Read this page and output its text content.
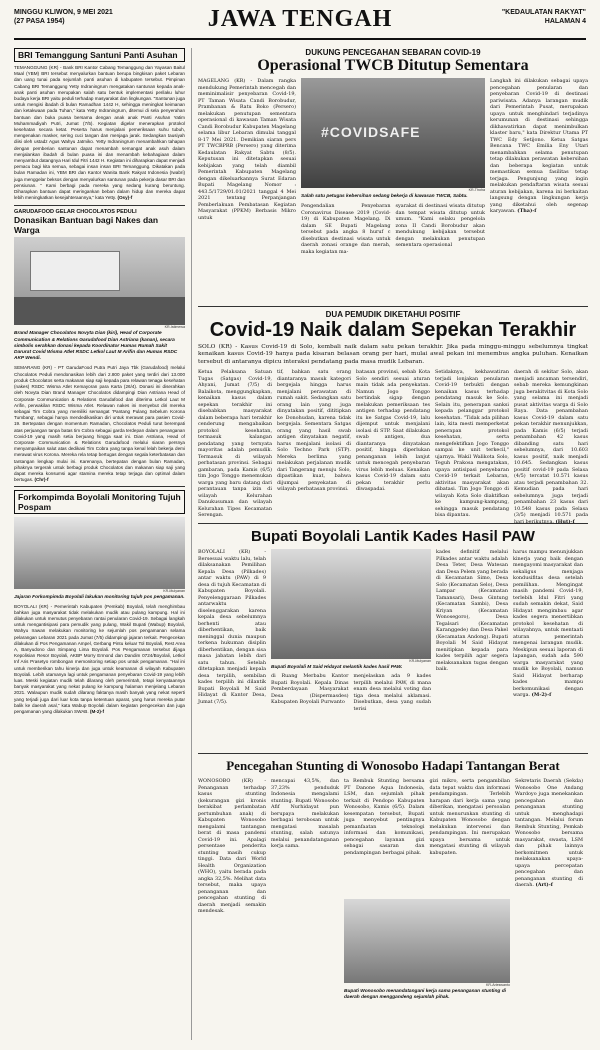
MINGGU KLIWON, 9 MEI 2021
(27 PASA 1954)	JAWA TENGAH	"KEDAULATAN RAKYAT"
HALAMAN 4
BRI Temanggung Santuni Panti Asuhan
TEMANGGUNG (KR) - Bank BRI Kantor Cabang Temanggung dan Yayasan Baitul Maal (YBM) BRI tersebut menyalurkan bantuan berupa bingkisan paket Lebaran dan uang tunai pada sejumlah panti asuhan di kabupaten tersebut. Pimpinan Cabang BRI Temanggung Yetty Indraningrum mengatakan santunan kepada anak-anak panti asuhan merupakan salah satu bentuk implementasi perilaku luhur budaya kerja BRI yaitu peduli terhadap masyarakat dan lingkungan. "Santunan juga untuk mengisi ibadah di bulan Ramadhan 1442 H, sehingga meningkat keimanan dan ketakwaan pada Tuhan," kata Yetty Indraningrum, ditemui di sela penyerahan bantuan dan buka puasa bersama dengan anak anak Panti Asuhan Yatim Muhammadiyah Putri, Jumat (7/5). Kegiatan digelar menerapkan protokol kesehatan secara ketat. Peserta harus menjalani pemeriksaan suhu tubuh, mengenakan masker, sering cuci tangan dan menjaga jarak. Sedangkan tausiyah diisi oleh ustadz Agus Wahyu Jatmiko. Yetty Indraningrum menambahkan tahapan dengan pemberian santunan dapat menambah semangat anak asuh dalam menjalankan ibadah di bulan puasa ini dan menambah kebahagiaan dalam menyambut datangnya Hari Idul Fitri 1442 H. Kegiatan ini diharapkan dapat menjadi pemacu bagi kita semua, sebagai insan insan BRI Temanggung. Dikatakan pada bulan Ramadan ini, YBM BRI dan Kantor Wanita Bank Rakyat Indonesia (Iwabri) juga menggelar beksos dengan menyalurkan santunan pada pekerja dasar BRI dan pensiunan. " Kami berbagi pada mereka yang sedang kurang beruntung. Diharapkan bantuan dapat meringankan beban dalam hidup dan mereka dapat lebih meningkatkan kesejahteraannya," kata Yetty. (Osy)-f
GARUDAFOOD GELAR CHOCOLATOS PEDULI
Donasikan Bantuan bagi Nakes dan Warga
KR-Istimewa
Brand Manager Chocolatos Novyta Dian (kiri), Head of Corporate Communication & Relations Garudafood Dian Astriana (kanan), secara simbolis serahkan donasi kepada Koordinator Humas Rumah Sakit Darurat Covid Wisma Atlet RSDC Letkol Laut M Arifin dan Humas RSDC AKP Wendi.
SEMARANG (KR) - PT GarudaFood Putra Putri Jaya Tbk (Garudafood) melalui Chocolatos Peduli mendonasikan lebih dari 2.800 paket yang terdiri dari 13.000 produk Chocolatos serta makanan siap saji kepada para relawan tenaga kesehatan (nakes) RSDC Wisma Atlet Kemayoran para Karta (26/4). Donasi ini diserahkan oleh Novyta Dian Brand Manager Chocolatos didampingi Dian Astriana Head of Corporate Communication & Relations Garudafood dan diterima Letkol Laut M Arifin, perwakilan RSDC Wisma Atlet. Relawan nakes ini menyebut diri mereka sebagai Tim Cobra yang memiliki semangat 'Pantang Pulang Sebelum Korona Tumbang', sebagai hanya mendedikasikan diri untuk merawat para pasien Covid-19. Bertepatan dengan momentum Ramadan, Chocolatos Peduli turut berempati atas perjuangan tanpa batas tim Cobra sebagai garda terdepan dalam penanganan Covid-19 yang masih setia berjuang hingga saat ini. Dian Astriana, Head of Corporate Communication & Relations Garudafood melalui siaran persnya menyampaikan salut atas dedikasi Tim Cobra yang tanpa kenal lelah bekerja demi merawat virus Korona. Mereka rela tetap bertugas dengan segala keterbatasan dan tantangan lengkap mulai ini. Karenanya, bertepatan dengan bulan Ramadan, pihaknya tergerak untuk berbagi produk Chocolatos dan makanan siap saji yang dapat mereka konsumsi agar stamina mereka tetap terjaga dan optimal dalam bertugas. (Chr)-f
Forkompimda Boyolali Monitoring Tujuh Pospam
KR-Mulyanan
Jajaran Forkompimda Boyolali lakukan monitoring tujuh pos pengamanan.
BOYOLALI (KR) - Pemerintah Kabupaten (Pemkab) Boyolali, telah menghimbau bahkan juga masyarakat tidak melakukan mudik atau pulang kampung. Hal ini dilakukan untuk memutus penyebaran rantai penularan Covid-19. Sebagai langkah untuk mengantisipasi para pemudik yang pulang, Wakil Bupati (Wabup) Boyolali, Wahyu Irawan melakukan monitoring ke sejumlah pos pengamanan selama pelarangan Lebaran 2021 pada Jumat (7/5) didampingi jajaran terkait. Pengecekan dilakukan di Pos Pengamanan Ampel, Gerbang Pintu keluar Tol Boyolali, Rest Area A, Banyudono dan Simpang Lima Boyolali. Pos Pengamanan tersebut dijaga Kepolisian Resor Boyolali, AKBP Morry Ermond dan Dandim 0724/Boyolali, Letkol Inf Aris Prasetyo rombongan memonitoring setiap pos untuk pengamanan. "Hal ini untuk memberikan tahu kinerja dan juga untuk keamanan di wilayah Kabupaten Boyolali. Lebih utamanya lagi untuk pengamanan penyebaran Covid-19 yang lebih luas. Meski kegiatan mudik telah dilarang oleh pemerintah, tetapi kenyataannya banyak masyarakat yang nekat pulang ke kampung halaman menjelang Lebaran 2021. Walaupun mudik sudah dilarang faktanya masih banyak yang nekat seperti yang terjadi juga dari luar kota tanpa ketentuan aparat, yang harus mereka putar balik ke daerah asal," kata Wabup Boyolali dalam kegiatan pengecekan dan juga pengamanan yang dilakukan SWAB. (M-2)-f
DUKUNG PENCEGAHAN SEBARAN COVID-19
Operasional TWCB Ditutup Sementara
MAGELANG (KR) - Dalam rangka mendukung Pemerintah mencegah dan meminimalisir penyebaran Covid-19, PT Taman Wisata Candi Borobudur, Prambanan & Ratu Boko (Persero) melakukan penutupan sementara operasional di kawasan Taman Wisata Candi Borobudur Kabupaten Magelang selama libur Lebaran dimulai tanggal 8-17 Mei 2021. Demikian siaran pers PT TWCBPRB (Persero) yang diterima Kedaulatan Rakyat Sabtu (8/5). Keputusan ini ditetapkan sesuai kebijakan yang telah diambil Pemerintah Kabupaten Magelang dengan dikeluarkannya Surat Edaran Bupati Magelang Nomor : 443.5/1729/01.01/2021 tanggal 4 Mei 2021 tentang Perpanjangan Pemberlakuan Pembatasan Kegiatan Masyarakat (PPKM) Berbasis Mikro untuk
#COVIDSAFE
KR-Thoha
Salah satu petugas kebersihan sedang bekerja di kawasan TWCB, Sabtu.
Pengendalian Penyebaran Coronavirus Disease 2019 (Covid-19) di Kabupaten Magelang. Di dalam SE Bupati Magelang tersebut pada angka 8 huruf c disebutkan destinasi wisata untuk daerah zonasi orange dan merah, maka kegiatan ma-
syarakat di destinasi wisata ditutup dan tempat wisata ditutup untuk umum. "Kami selaku pengelola zona II Candi Borobudur akan mendukung kebijakan tersebut dengan melakukan penutupan sementara operasional
Langkah ini dilakukan sebagai upaya pencegahan penularan dan penyebaran Covid-19 di destinasi pariwisata. Adanya larangan mudik dari Pemerintah Pusat, merupakan upaya untuk menghindari terjadinya kerumunan di destinasi sehingga dikhawatirkan dapat menimbulkan klaster baru," kata Direktur Utama PT TWC Edy Setijono. Ketua Satgas Bencana TWC Emilia Eny Utari menambahkan selama penutupan tetap dilakukan perawatan kebersihan dan beberapa kegiatan untuk memastikan semua fasilitas tetap terjaga. Pengunjung yang ingin melakukan pendaftaran wisata sesuai aturan kebijakan, karena ini berkaitan langsung dengan lingkungan kerja yang diketahui oleh segenap karyawan. (Tha)-f
DUA PEMUDIK DIKETAHUI POSITIF
Covid-19 Naik dalam Sepekan Terakhir
SOLO (KR) - Kasus Covid-19 di Solo, kembali naik dalam satu pekan terakhir. Jika pada minggu-minggu sebelumnya tingkat kenaikan kasus Covid-19 hanya pada kisaran belasan orang per hari, mulai awal pekan ini menembus angka puluhan. Kenaikan tersebut di antaranya dipicu interaksi pendatang pada masa mudik Lebaran.
Ketua Pelaksana Satuan Tugas (Satgas) Covid-19, Ahyani, Jumat (7/5) di Balaikota, menggungkapkan, kenaikan kasus dalam sepekan terakhir ini disebabkan masyarakat dalam beberapa hari terakhir cenderung mengabaikan protokol kesehatan, termasuk kalangan pendatang yang ternyata mayoritas adalah pemudik. Termasuk di wilayah perbatasan provinsi. Sebagai gambaran, pada Kamis (6/5) tim Jogo Tonggo menemukan warga yang baru datang dari perantauan tanpa izin di wilayah Kelurahan Danukusuman dan wilayah Kelurahan Tipes Kecamatan Serengan.
tif, bahkan satu orang diantaranya masuk kategori bergejala hingga harus menjalani perawatan di rumah sakit. Sedangkan satu orang lain yang juga dinyatakan positif, dititipkan ke Donohudan, karena tidak bergejala. Sementara Satgas orang yang hasil swab antigen dinyatakan negatif, harus menjalani isolasi di Solo Techno Park (STP). Mereka berlima yang melakukan perjalanan mudik dari Tangerang menuju Solo, dipastikan kuat, bahwa dijumpai penyekatan di wilayah perbatasan provinsi.
batasan provinsi, sebab Kota Solo sendiri sesuai aturan main tidak ada penyekatan. Namun Jogo Tonggo bertindak sigap dengan melakukan pemeriksaan tes antigen terhadap pendatang itu ke Satgas Covid-19, lalu dijemput untuk menjalani isolasi di STP. Saat dilakukan swab antigen, dua diantaranya dinyatakan positif, hingga diperlukan penanganan lebih lanjut untuk mencegah penyebaran virus lebih meluas. Kenaikan kasus Covid-19 dalam satu pekan terakhir perlu diwaspadai.
Setidaknya, kekhawatiran terjadi lonjakan penularan Covid-19 terbukti dengan kenaikan kasus terhadap pendatang masuk ke Solo. Selain itu, penerapan sanksi kepada pelanggar protokol kesehatan. "Tidak ada pilihan lain, kita mesti memperketat penerapan protokol kesehatan, serta mengefektifkan Jogo Tonggo sampai ke unit terkecil," ujarnya. Wakil Walikota Solo, Teguh Prakosa mengatakan, upaya antisipasi penyebaran Covid-19 terkait Lebaran, aktivitas masyarakat akan dibatasi. Tim Jogo Tonggo di wilayah Kota Solo diaktifkan ke kampung-kampung, sehingga masuk pendatang bisa dipantau.
daerah di sekitar Solo, akan menjadi ancaman tersendiri, sebab mereka kemungkinan juga berakitvitas di Kota Solo yang selama ini menjadi pusat aktivitas warga di Solo Raya. Data penambahan kasus Covid-19 dalam satu pekan terakhir menunjukkan, pada Kamis (6/5) terjadi penambahan 42 kasus dibanding satu hari sebelumnya, dari 10.603 kasus positif, naik menjadi 10.645. Sedangkan kasus positif covid-19 pada Selasa (4/5) tercatat 10.571 kasus atau terjadi penambahan 32. Kemudian pada hari sebelumnya juga terjadi penambahan 23 kasus dari 10.548 kasus pada Selasa (3/5) menjadi 10.571 pada hari berikutnya. (Hut)-f
Bupati Boyolali Lantik Kades Hasil PAW
BOYOLALI (KR) - Bersesuai waktu lalu, telah dilaksanakan Pemilihan Kepala Desa (Pilkades) antar waktu (PAW) di 9 desa di tujuh Kecamatan di Kabupaten Boyolali. Penyelenggaraan Pilkades antarwaktu diselenggarakan karena kepala desa sebelumnya berhenti atau diberhentikan, baik meninggal dunia maupun terkena hukuman disiplin diberhentikan, dengan sisa masa jabatan lebih dari satu tahun. Setelah ditetapkan menjadi kepala desa terpilih, sembilan kades terpilih ini dilantik Bupati Boyolali M Said Hidayat di Kantor Desa, Jumat (7/5).
KR-Mulyanan
Bupati Boyolali M Said Hidayat melantik kades hasil PAW.
di Ruang Merbabu Kantor Bupati Boyolali. Kepala Dinas Pemberdayaan Masyarakat Desa (Dispermasdes) Kabupaten Boyolali Purwanto
menjelaskan ada 9 kades terpilih melalui PAW, di mana enam desa melalui voting dan tiga desa melalui aklamasi. Disebutkan, desa yang sudah terisi
kades definitif melalui Pilkades antar waktu adalah Desa Teter, Desa Watesan dan Desa Pelem yang berada di Kecamatan Simo, Desa Solo (Kecamatan Selo), Desa Lampar (Kecamatan Tamansari), Desa Gintung (Kecamatan Sambi), Desa Kriyan (Kecamatan Wonosegoro), Desa Tegalsari (Kecamatan Karanggede) dan Desa Pakel (Kecamatan Andong). Bupati Boyolali M Said Hidayat menitipkan kepada para kades terpilih agar segera melaksanakan tugas dengan baik.
harus mampu menunjukkan kinerja yang baik dengan mengayomi masyarakat dan sekaligus menjaga kondusifitas desa setelah pemilihan. Mengingat masih pandemi Covid-19, terlebih Idul Fitri yang sudah semakin dekat, Said Hidayat mengimbau agar kades segera menertibkan protokol kesehatan di wilayahnya, untuk mentaati aturan pemerintah mengenai larangan mudik. Meskipun sesuai laporan di lapangan, sudah ada 590 warga masyarakat yang mudik ke Boyolali, namun Said Hidayat berharap kades mampu berkomunikasi dengan warga. (M-2)-f
Pencegahan Stunting di Wonosobo Hadapi Tantangan Berat
WONOSOBO (KR) - Penanganan terhadap kasus stunting (kekurangan gizi kronis berakibat perlambatan pertumbuhan anak) di Kabupaten Wonosobo mengalami tantangan berat di masa pandemi Covid-19 ini. Apalagi persentase penderita stunting masih cukup tinggi. Data dari World Health Organization (WHO), yaitu berada pada angka 32,5%. Melihat data tersebut, maka upaya penanganan dan pencegahan stunting di daerah menjadi semakin mendesak.
mencapai 43,5%, dan 37,23% penduduk Indonesia mengalami stunting. Bupati Wonosobo Afif Nurhidayat pun berupaya melakukan berbagai terobosan untuk mengatasi masalah stunting, salah satunya melalui penandatanganan kerja sama.
ta Rembuk Stunting bersama PT Danone Aqua Indonesia, LSM, dan sejumlah pihak terkait di Pendopo Kabupaten Wonosobo, Kamis (6/5). Dalam kesempatan tersebut, Bupati juga menyebut pentingnya pemanfaatan teknologi informasi dan komunikasi, pencegahan layanan gizi sebagai sasaran dan pendampingan berbagai pihak.
gizi mikro, serta pengambilan data tepat waktu dan informasi pendampingan. Terlebih harapan dari kerja sama yang diberikan, mengatasi persoalan untuk menurunkan stunting di Kabupaten Wonosobo dengan melakukan intervensi dan pendampingan. Ini merupakan upaya bersama untuk mengatasi stunting di wilayah kabupaten.
KR-Arieswanto
Bupati Wonosobo menandatangani kerja sama penanganan stunting di daerah dengan menggandeng sejumlah pihak.
Sekretaris Daerah (Sekda) Wonosobo One Andang Wardoyo juga menekankan pencegahan dan penanganan stunting untuk menghadapi tantangan. Melalui forum Rembuk Stunting, Pemkab Wonosobo bersama masyarakat, swasta, LSM dan pihak lainnya berkomitmen untuk melaksanakan upaya-upaya percepatan pencegahan dan penanganan stunting di daerah. (Art)-f
